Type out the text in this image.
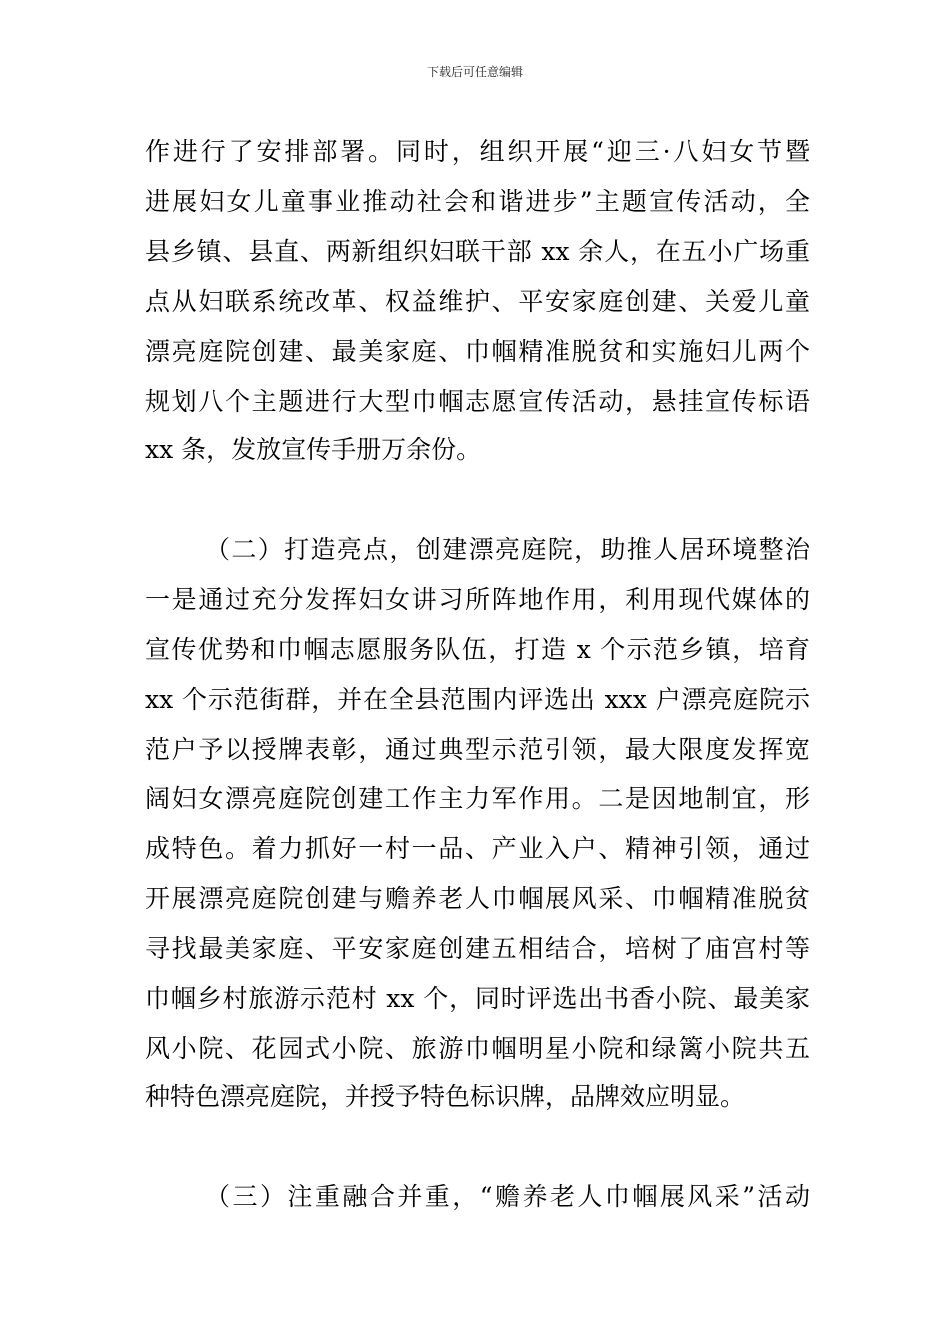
下载后可任意编辑
作进行了安排部署。同时，组织开展“迎三·八妇女节暨
进展妇女儿童事业推动社会和谐进步”主题宣传活动，全
县乡镇、县直、两新组织妇联干部 xx 余人，在五小广场重
点从妇联系统改革、权益维护、平安家庭创建、关爱儿童
漂亮庭院创建、最美家庭、巾帼精准脱贫和实施妇儿两个
规划八个主题进行大型巾帼志愿宣传活动，悬挂宣传标语
xx 条，发放宣传手册万余份。
（二）打造亮点，创建漂亮庭院，助推人居环境整治
一是通过充分发挥妇女讲习所阵地作用，利用现代媒体的
宣传优势和巾帼志愿服务队伍，打造 x 个示范乡镇，培育
xx 个示范街群，并在全县范围内评选出 xxx 户漂亮庭院示
范户予以授牌表彰，通过典型示范引领，最大限度发挥宽
阔妇女漂亮庭院创建工作主力军作用。二是因地制宜，形
成特色。着力抓好一村一品、产业入户、精神引领，通过
开展漂亮庭院创建与赡养老人巾帼展风采、巾帼精准脱贫
寻找最美家庭、平安家庭创建五相结合，培树了庙宫村等
巾帼乡村旅游示范村 xx 个，同时评选出书香小院、最美家
风小院、花园式小院、旅游巾帼明星小院和绿篱小院共五
种特色漂亮庭院，并授予特色标识牌，品牌效应明显。
（三）注重融合并重，“赡养老人巾帼展风采”活动
